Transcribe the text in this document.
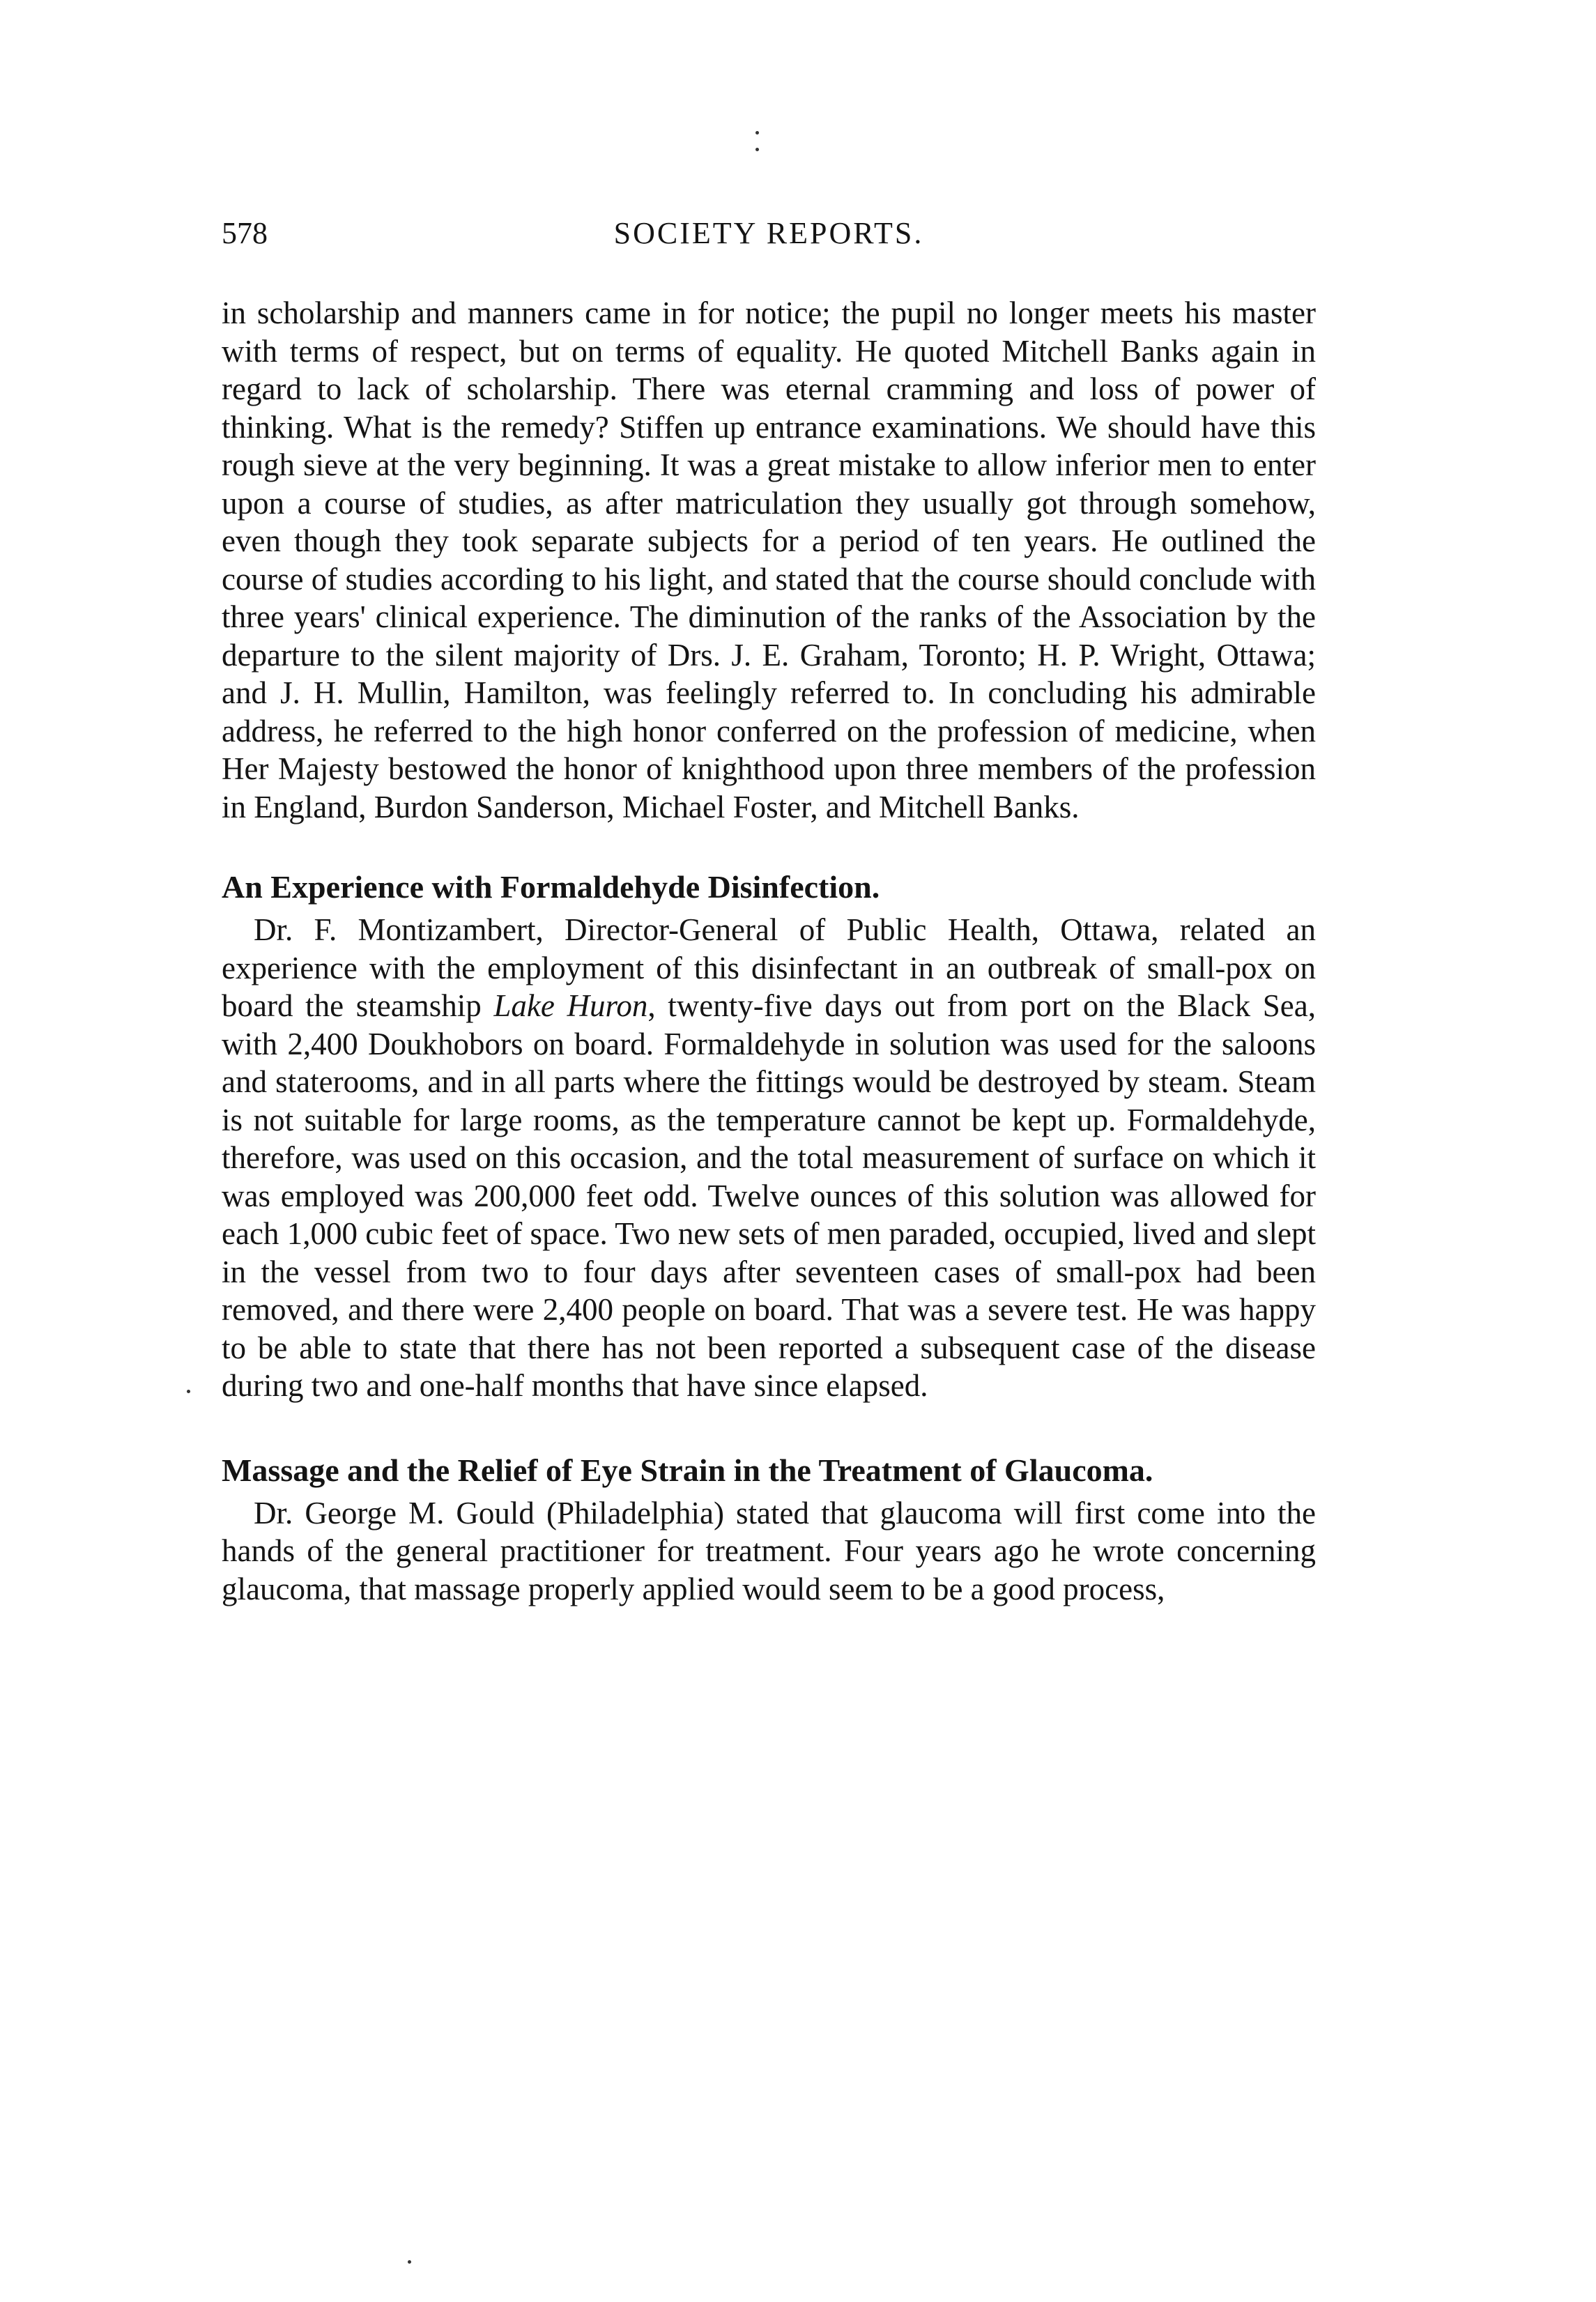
578	SOCIETY REPORTS.

in scholarship and manners came in for notice; the pupil no longer meets his master with terms of respect, but on terms of equality. He quoted Mitchell Banks again in regard to lack of scholarship. There was eternal cramming and loss of power of thinking. What is the remedy? Stiffen up entrance examinations. We should have this rough sieve at the very beginning. It was a great mistake to allow inferior men to enter upon a course of studies, as after matriculation they usually got through somehow, even though they took separate subjects for a period of ten years. He outlined the course of studies according to his light, and stated that the course should conclude with three years' clinical experience. The diminution of the ranks of the Association by the departure to the silent majority of Drs. J. E. Graham, Toronto; H. P. Wright, Ottawa; and J. H. Mullin, Hamilton, was feelingly referred to. In concluding his admirable address, he referred to the high honor conferred on the profession of medicine, when Her Majesty bestowed the honor of knighthood upon three members of the profession in England, Burdon Sanderson, Michael Foster, and Mitchell Banks.

An Experience with Formaldehyde Disinfection.

Dr. F. Montizambert, Director-General of Public Health, Ottawa, related an experience with the employment of this disinfectant in an outbreak of small-pox on board the steamship Lake Huron, twenty-five days out from port on the Black Sea, with 2,400 Doukhobors on board. Formaldehyde in solution was used for the saloons and staterooms, and in all parts where the fittings would be destroyed by steam. Steam is not suitable for large rooms, as the temperature cannot be kept up. Formaldehyde, therefore, was used on this occasion, and the total measurement of surface on which it was employed was 200,000 feet odd. Twelve ounces of this solution was allowed for each 1,000 cubic feet of space. Two new sets of men paraded, occupied, lived and slept in the vessel from two to four days after seventeen cases of small-pox had been removed, and there were 2,400 people on board. That was a severe test. He was happy to be able to state that there has not been reported a subsequent case of the disease during two and one-half months that have since elapsed.

Massage and the Relief of Eye Strain in the Treatment of Glaucoma.

Dr. George M. Gould (Philadelphia) stated that glaucoma will first come into the hands of the general practitioner for treatment. Four years ago he wrote concerning glaucoma, that massage properly applied would seem to be a good process,
